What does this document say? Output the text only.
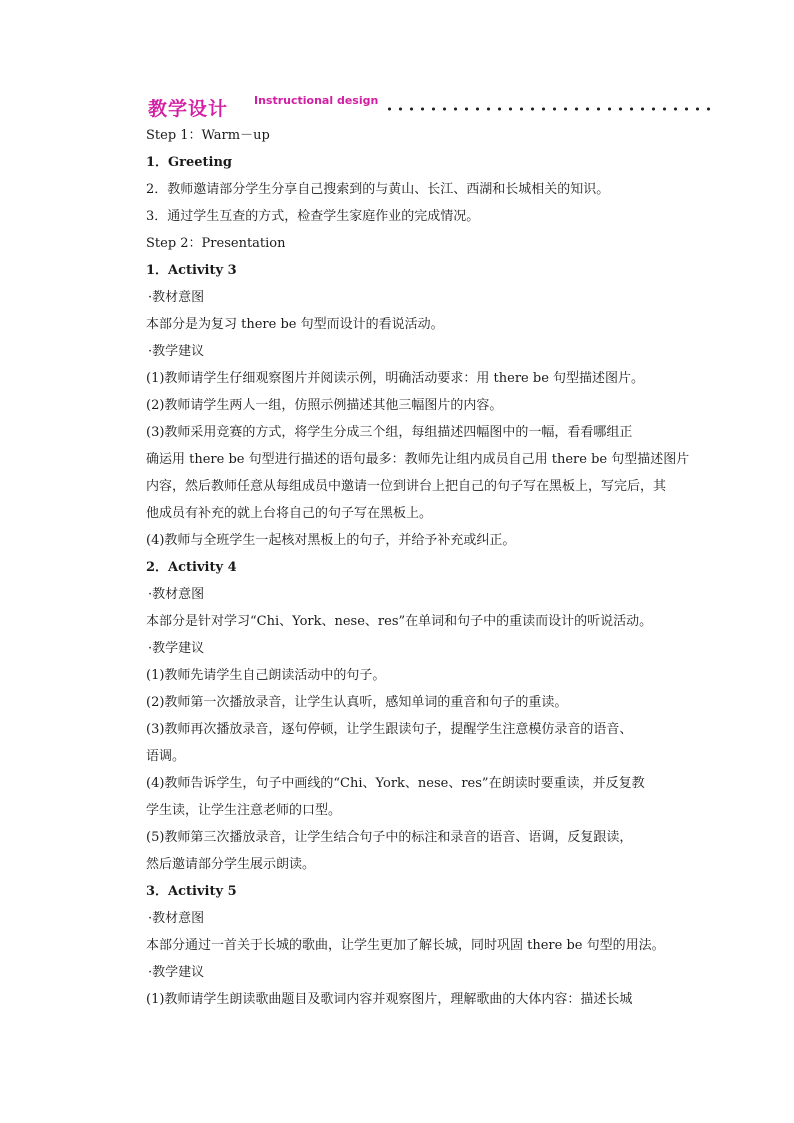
教学设计 Instructional design
Step 1：Warm－up
1．Greeting
2．教师邀请部分学生分享自己搜索到的与黄山、长江、西湖和长城相关的知识。
3．通过学生互查的方式，检查学生家庭作业的完成情况。
Step 2：Presentation
1．Activity 3
·教材意图
本部分是为复习 there be 句型而设计的看说活动。
·教学建议
(1)教师请学生仔细观察图片并阅读示例，明确活动要求：用 there be 句型描述图片。
(2)教师请学生两人一组，仿照示例描述其他三幅图片的内容。
(3)教师采用竞赛的方式，将学生分成三个组，每组描述四幅图中的一幅，看看哪组正
确运用 there be 句型进行描述的语句最多：教师先让组内成员自己用 there be 句型描述图片
内容，然后教师任意从每组成员中邀请一位到讲台上把自己的句子写在黑板上，写完后，其
他成员有补充的就上台将自己的句子写在黑板上。
(4)教师与全班学生一起核对黑板上的句子，并给予补充或纠正。
2．Activity 4
·教材意图
本部分是针对学习“Chi、York、nese、res”在单词和句子中的重读而设计的听说活动。
·教学建议
(1)教师先请学生自己朗读活动中的句子。
(2)教师第一次播放录音，让学生认真听，感知单词的重音和句子的重读。
(3)教师再次播放录音，逐句停顿，让学生跟读句子，提醒学生注意模仿录音的语音、
语调。
(4)教师告诉学生，句子中画线的“Chi、York、nese、res”在朗读时要重读，并反复教
学生读，让学生注意老师的口型。
(5)教师第三次播放录音，让学生结合句子中的标注和录音的语音、语调，反复跟读，
然后邀请部分学生展示朗读。
3．Activity 5
·教材意图
本部分通过一首关于长城的歌曲，让学生更加了解长城，同时巩固 there be 句型的用法。
·教学建议
(1)教师请学生朗读歌曲题目及歌词内容并观察图片，理解歌曲的大体内容：描述长城
